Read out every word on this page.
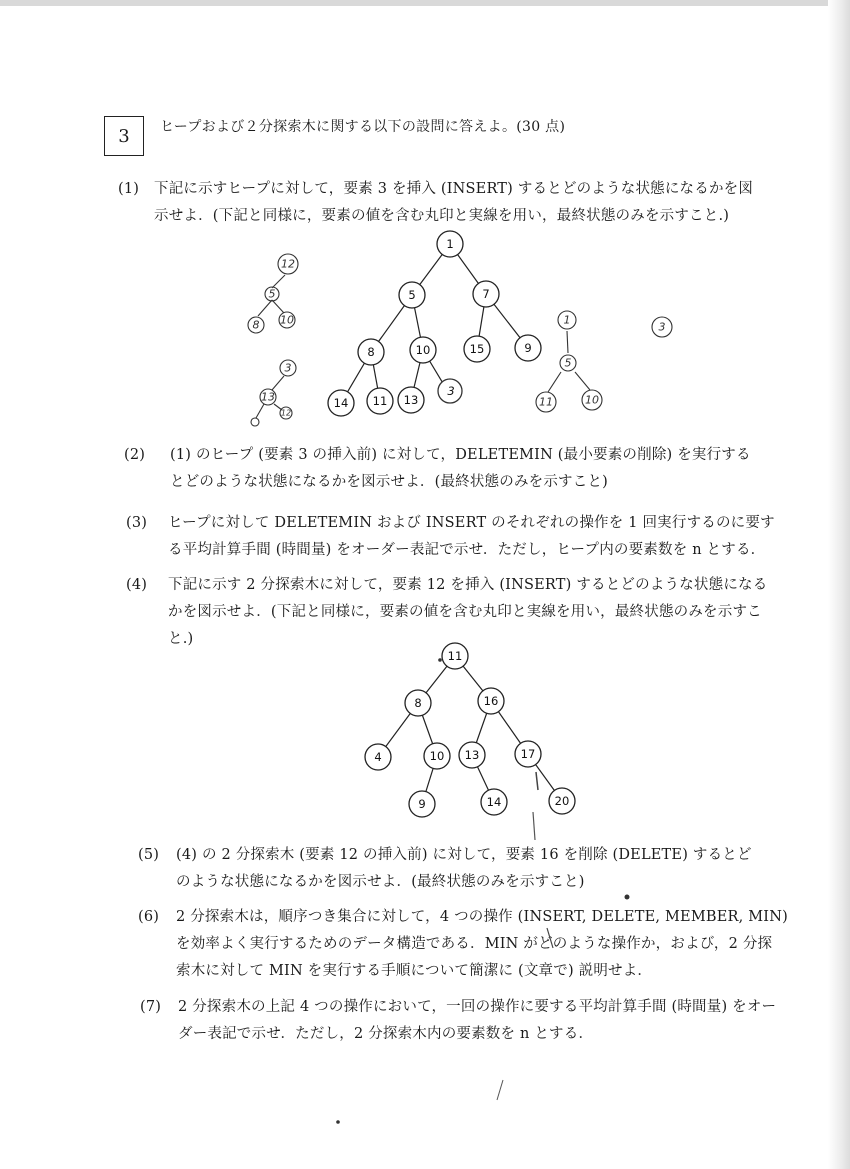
3	ヒープおよび２分探索木に関する以下の設問に答えよ。(30 点)
(1) 下記に示すヒープに対して，要素 3 を挿入 (INSERT) するとどのような状態になるかを図
示せよ．(下記と同様に，要素の値を含む丸印と実線を用い，最終状態のみを示すこと.)
(2) (1) のヒープ (要素 3 の挿入前) に対して，DELETEMIN (最小要素の削除) を実行する
とどのような状態になるかを図示せよ．(最終状態のみを示すこと)
(3) ヒープに対して DELETEMIN および INSERT のそれぞれの操作を 1 回実行するのに要す
る平均計算手間 (時間量) をオーダー表記で示せ．ただし，ヒープ内の要素数を n とする．
(4) 下記に示す 2 分探索木に対して，要素 12 を挿入 (INSERT) するとどのような状態になる
かを図示せよ．(下記と同様に，要素の値を含む丸印と実線を用い，最終状態のみを示すこ
と.)
(5) (4) の 2 分探索木 (要素 12 の挿入前) に対して，要素 16 を削除 (DELETE) するとど
のような状態になるかを図示せよ．(最終状態のみを示すこと)
(6) 2 分探索木は，順序つき集合に対して，4 つの操作 (INSERT, DELETE, MEMBER, MIN)
を効率よく実行するためのデータ構造である．MIN がどのような操作か，および，2 分探
索木に対して MIN を実行する手順について簡潔に (文章で) 説明せよ．
(7) 2 分探索木の上記 4 つの操作において，一回の操作に要する平均計算手間 (時間量) をオー
ダー表記で示せ．ただし，2 分探索木内の要素数を n とする．
1
5	7
8	10	15	9
14 11 13
3
11
8	16
4	10 13	17
9	14	20
12
5
8 10
3
13
12
1
5
11	10
3
